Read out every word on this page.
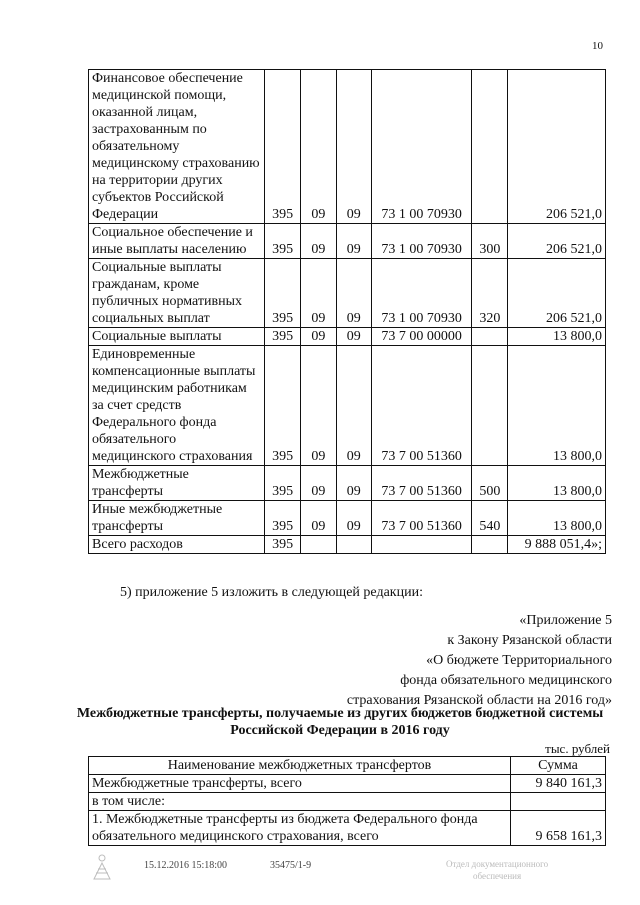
10
Финансовое обеспечение медицинской помощи, оказанной лицам, застрахованным по обязательному медицинскому страхованию на территории других субъектов Российской Федерации	395	09	09	73 1 00 70930		206 521,0
Социальное обеспечение и иные выплаты населению	395	09	09	73 1 00 70930	300	206 521,0
Социальные выплаты гражданам, кроме публичных нормативных социальных выплат	395	09	09	73 1 00 70930	320	206 521,0
Социальные выплаты	395	09	09	73 7 00 00000		13 800,0
Единовременные компенсационные выплаты медицинским работникам за счет средств Федерального фонда обязательного медицинского страхования	395	09	09	73 7 00 51360		13 800,0
Межбюджетные трансферты	395	09	09	73 7 00 51360	500	13 800,0
Иные межбюджетные трансферты	395	09	09	73 7 00 51360	540	13 800,0
Всего расходов	395					9 888 051,4»;
5) приложение 5 изложить в следующей редакции:
«Приложение 5
к Закону Рязанской области
«О бюджете Территориального
фонда обязательного медицинского
страхования Рязанской области на 2016 год»
Межбюджетные трансферты, получаемые из других бюджетов бюджетной системы Российской Федерации в 2016 году
тыс. рублей
Наименование межбюджетных трансфертов	Сумма
Межбюджетные трансферты, всего	9 840 161,3
в том числе:	
1. Межбюджетные трансферты из бюджета Федерального фонда обязательного медицинского страхования, всего	9 658 161,3
15.12.2016 15:18:00	35475/1-9	Отдел документационного
обеспечения
